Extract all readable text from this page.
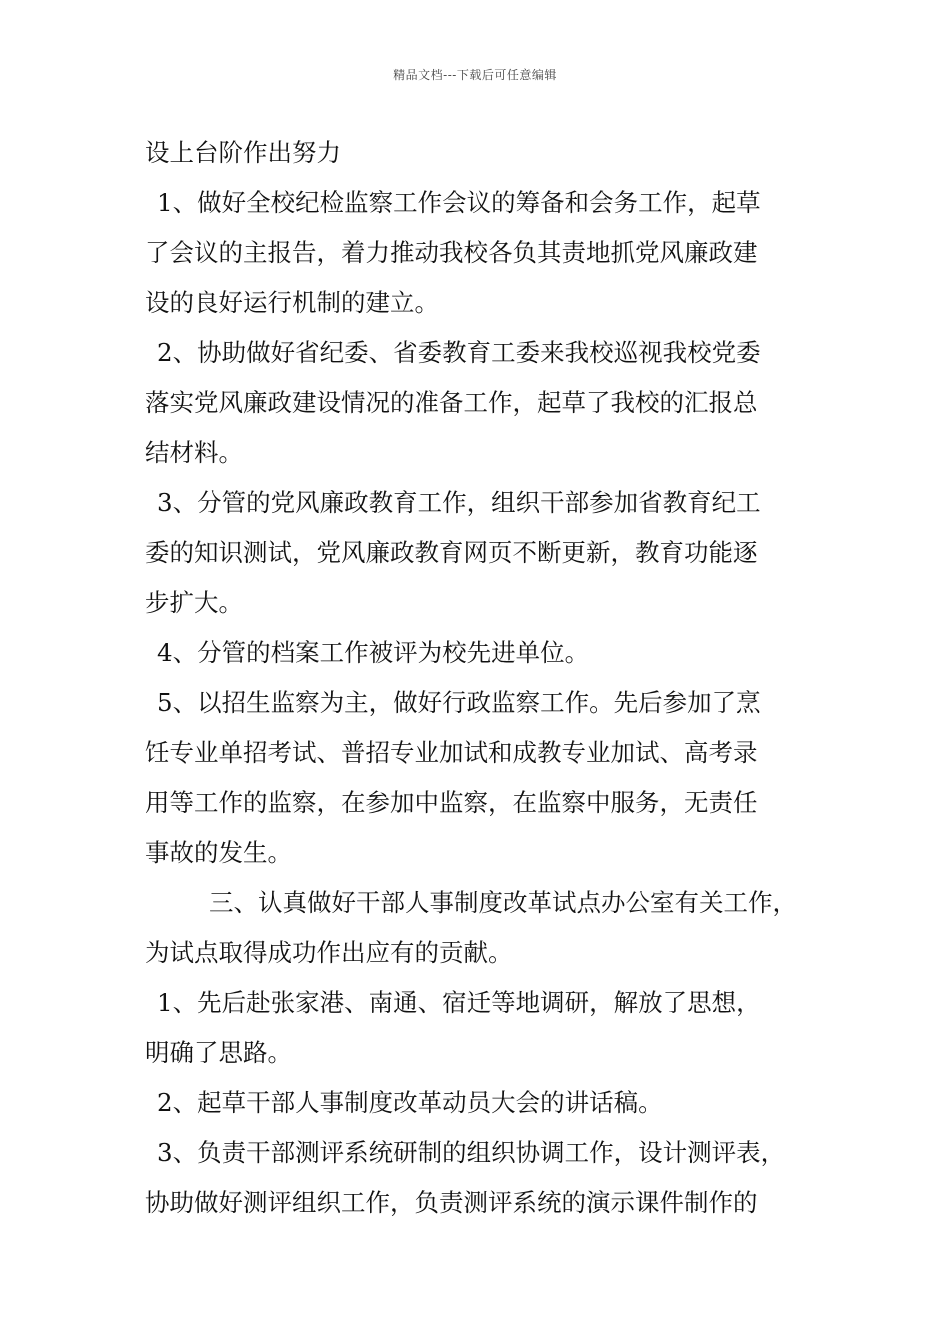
精品文档---下载后可任意编辑
设上台阶作出努力
1、做好全校纪检监察工作会议的筹备和会务工作，起草
了会议的主报告，着力推动我校各负其责地抓党风廉政建
设的良好运行机制的建立。
2、协助做好省纪委、省委教育工委来我校巡视我校党委
落实党风廉政建设情况的准备工作，起草了我校的汇报总
结材料。
3、分管的党风廉政教育工作，组织干部参加省教育纪工
委的知识测试，党风廉政教育网页不断更新，教育功能逐
步扩大。
4、分管的档案工作被评为校先进单位。
5、以招生监察为主，做好行政监察工作。先后参加了烹
饪专业单招考试、普招专业加试和成教专业加试、高考录
用等工作的监察，在参加中监察，在监察中服务，无责任
事故的发生。
三、认真做好干部人事制度改革试点办公室有关工作，
为试点取得成功作出应有的贡献。
1、先后赴张家港、南通、宿迁等地调研，解放了思想，
明确了思路。
2、起草干部人事制度改革动员大会的讲话稿。
3、负责干部测评系统研制的组织协调工作，设计测评表，
协助做好测评组织工作，负责测评系统的演示课件制作的
